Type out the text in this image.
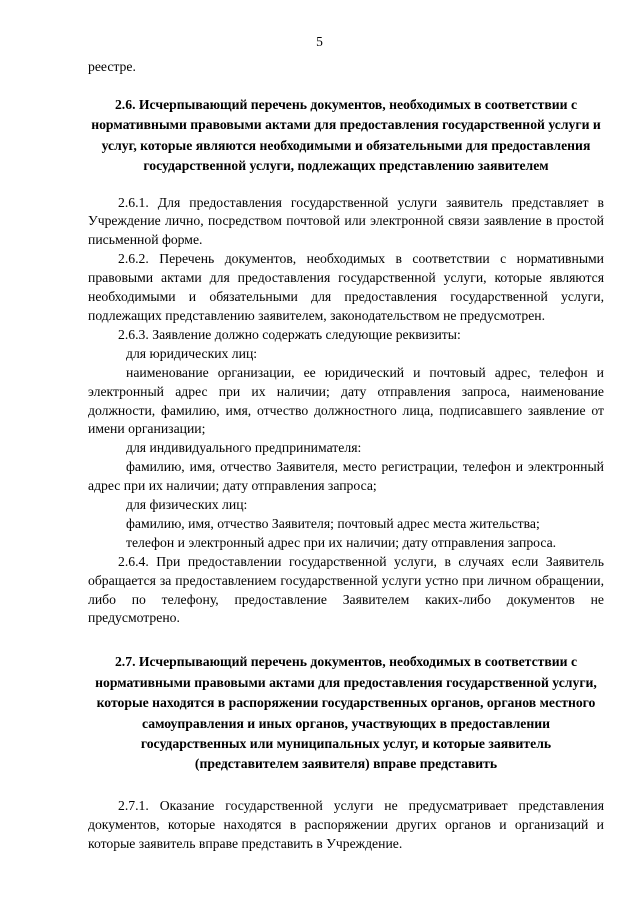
5

реестре.

2.6. Исчерпывающий перечень документов, необходимых в соответствии с нормативными правовыми актами для предоставления государственной услуги и услуг, которые являются необходимыми и обязательными для предоставления государственной услуги, подлежащих представлению заявителем

2.6.1. Для предоставления государственной услуги заявитель представляет в Учреждение лично, посредством почтовой или электронной связи заявление в простой письменной форме.

2.6.2. Перечень документов, необходимых в соответствии с нормативными правовыми актами для предоставления государственной услуги, которые являются необходимыми и обязательными для предоставления государственной услуги, подлежащих представлению заявителем, законодательством не предусмотрен.

2.6.3. Заявление должно содержать следующие реквизиты:

для юридических лиц:

наименование организации, ее юридический и почтовый адрес, телефон и электронный адрес при их наличии; дату отправления запроса, наименование должности, фамилию, имя, отчество должностного лица, подписавшего заявление от имени организации;

для индивидуального предпринимателя:

фамилию, имя, отчество Заявителя, место регистрации, телефон и электронный адрес при их наличии; дату отправления запроса;

для физических лиц:

фамилию, имя, отчество Заявителя; почтовый адрес места жительства;

телефон и электронный адрес при их наличии; дату отправления запроса.

2.6.4. При предоставлении государственной услуги, в случаях если Заявитель обращается за предоставлением государственной услуги устно при личном обращении, либо по телефону, предоставление Заявителем каких-либо документов не предусмотрено.

2.7. Исчерпывающий перечень документов, необходимых в соответствии с нормативными правовыми актами для предоставления государственной услуги, которые находятся в распоряжении государственных органов, органов местного самоуправления и иных органов, участвующих в предоставлении государственных или муниципальных услуг, и которые заявитель (представителем заявителя) вправе представить

2.7.1. Оказание государственной услуги не предусматривает представления документов, которые находятся в распоряжении других органов и организаций и которые заявитель вправе представить в Учреждение.
